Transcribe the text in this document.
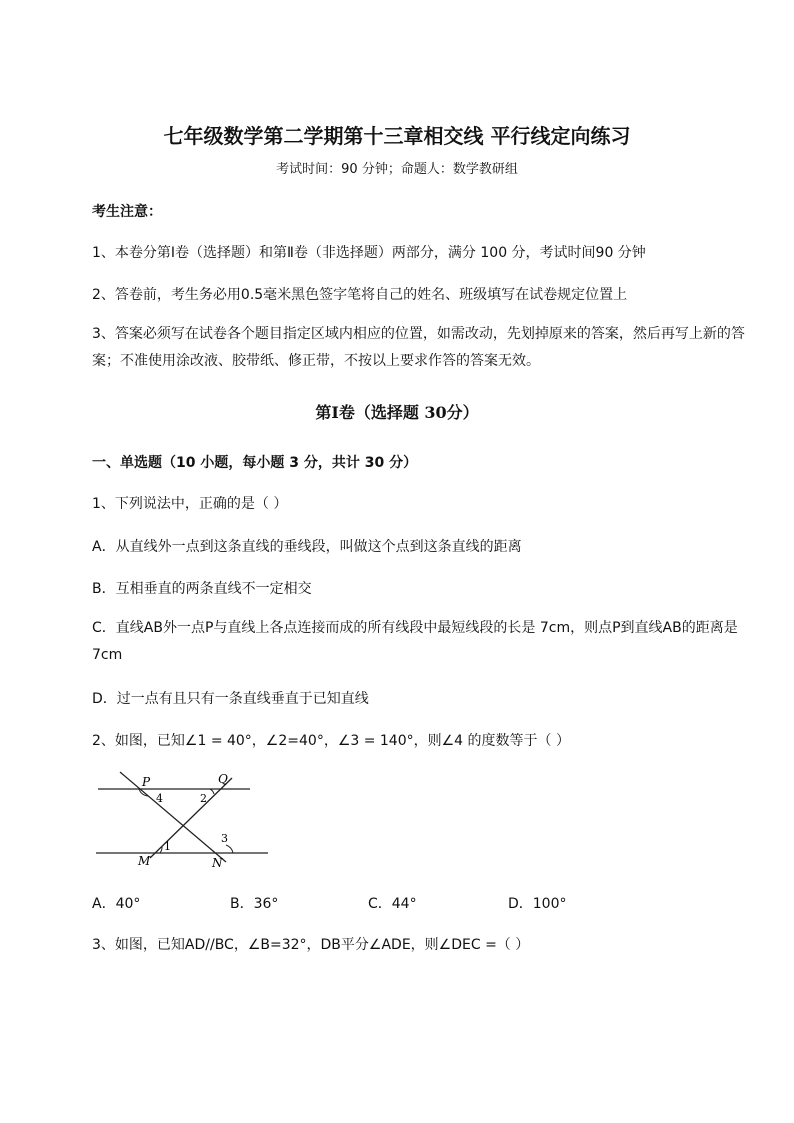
七年级数学第二学期第十三章相交线 平行线定向练习
考试时间：90 分钟；命题人：数学教研组
考生注意：
1、本卷分第Ⅰ卷（选择题）和第Ⅱ卷（非选择题）两部分，满分 100 分，考试时间90 分钟
2、答卷前，考生务必用0.5毫米黑色签字笔将自己的姓名、班级填写在试卷规定位置上
3、答案必须写在试卷各个题目指定区域内相应的位置，如需改动，先划掉原来的答案，然后再写上新的答案；不准使用涂改液、胶带纸、修正带，不按以上要求作答的答案无效。
第Ⅰ卷（选择题 30分）
一、单选题（10 小题，每小题 3 分，共计 30 分）
1、下列说法中，正确的是（ ）
A．从直线外一点到这条直线的垂线段，叫做这个点到这条直线的距离
B．互相垂直的两条直线不一定相交
C．直线AB外一点P与直线上各点连接而成的所有线段中最短线段的长是 7cm，则点P到直线AB的距离是 7cm
D．过一点有且只有一条直线垂直于已知直线
2、如图，已知∠1 = 40°，∠2=40°，∠3 = 140°，则∠4 的度数等于（ ）
P	Q
M	N
4	2
1
3
A．40°	B．36°	C．44°	D．100°
3、如图，已知AD//BC，∠B=32°，DB平分∠ADE，则∠DEC =（ ）
